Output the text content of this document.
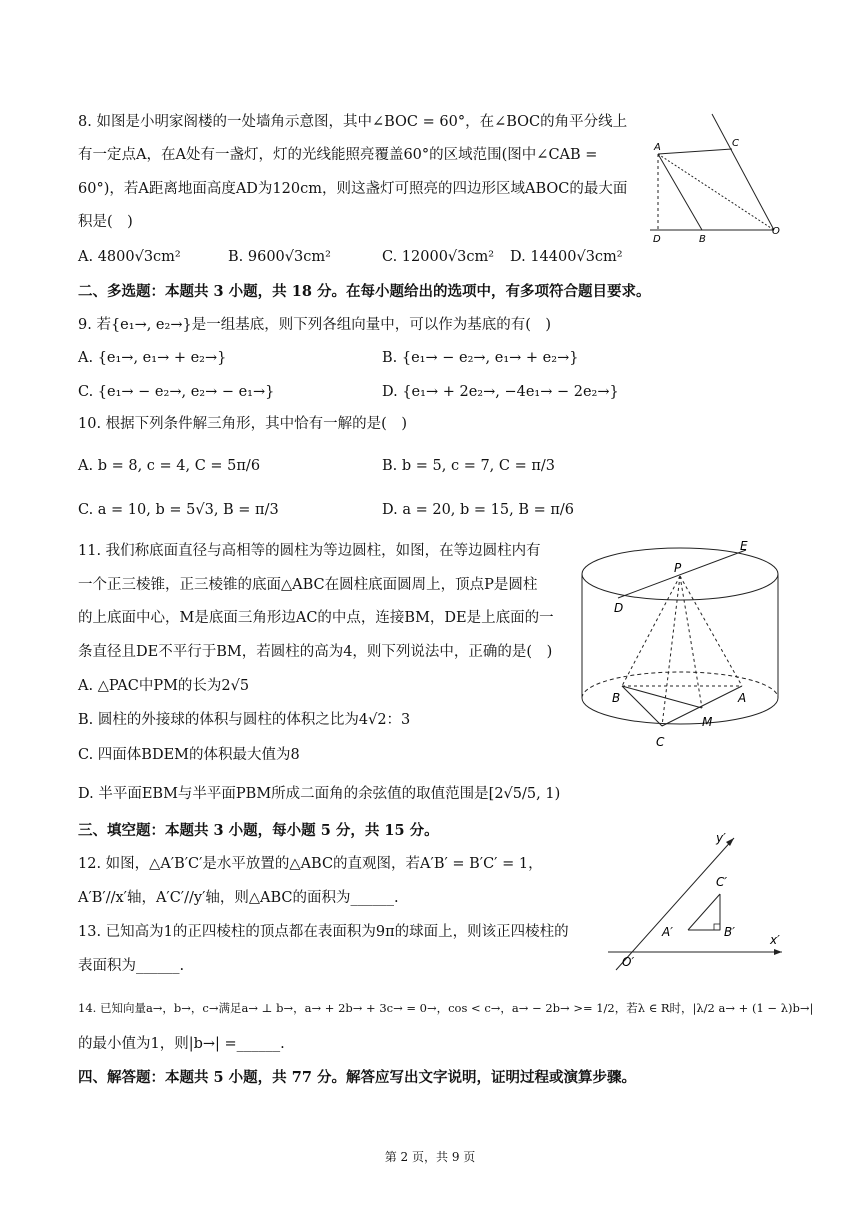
8. 如图是小明家阁楼的一处墙角示意图，其中∠BOC = 60°，在∠BOC的角平分线上
有一定点A，在A处有一盏灯，灯的光线能照亮覆盖60°的区域范围(图中∠CAB =
60°)，若A距离地面高度AD为120cm，则这盏灯可照亮的四边形区域ABOC的最大面
积是(　)
A. 4800√3cm²	B. 9600√3cm²	C. 12000√3cm² D. 14400√3cm²
A	C
D	B
O
二、多选题：本题共 3 小题，共 18 分。在每小题给出的选项中，有多项符合题目要求。
9. 若{e₁→, e₂→}是一组基底，则下列各组向量中，可以作为基底的有(　)
A. {e₁→, e₁→ + e₂→}	B. {e₁→ − e₂→, e₁→ + e₂→}
C. {e₁→ − e₂→, e₂→ − e₁→}	D. {e₁→ + 2e₂→, −4e₁→ − 2e₂→}
10. 根据下列条件解三角形，其中恰有一解的是(　)
A. b = 8, c = 4, C = 5π/6	B. b = 5, c = 7, C = π/3
C. a = 10, b = 5√3, B = π/3	D. a = 20, b = 15, B = π/6
11. 我们称底面直径与高相等的圆柱为等边圆柱，如图，在等边圆柱内有
一个正三棱锥，正三棱锥的底面△ABC在圆柱底面圆周上，顶点P是圆柱
的上底面中心，M是底面三角形边AC的中点，连接BM，DE是上底面的一
条直径且DE不平行于BM，若圆柱的高为4，则下列说法中，正确的是(　)
A. △PAC中PM的长为2√5
B. 圆柱的外接球的体积与圆柱的体积之比为4√2：3
C. 四面体BDEM的体积最大值为8
D. 半平面EBM与半平面PBM所成二面角的余弦值的取值范围是[2√5/5, 1)
E
P
D
B	A
M
C
三、填空题：本题共 3 小题，每小题 5 分，共 15 分。
12. 如图，△A′B′C′是水平放置的△ABC的直观图，若A′B′ = B′C′ = 1，
A′B′//x′轴，A′C′//y′轴，则△ABC的面积为______.
y′
x′
C′
A′	B′
O′
13. 已知高为1的正四棱柱的顶点都在表面积为9π的球面上，则该正四棱柱的
表面积为______.
14. 已知向量a→，b→，c→满足a→ ⊥ b→，a→ + 2b→ + 3c→ = 0→，cos < c→，a→ − 2b→ >= 1/2，若λ ∈ R时，|λ/2 a→ + (1 − λ)b→|
的最小值为1，则|b→| =______.
四、解答题：本题共 5 小题，共 77 分。解答应写出文字说明，证明过程或演算步骤。
第 2 页，共 9 页
